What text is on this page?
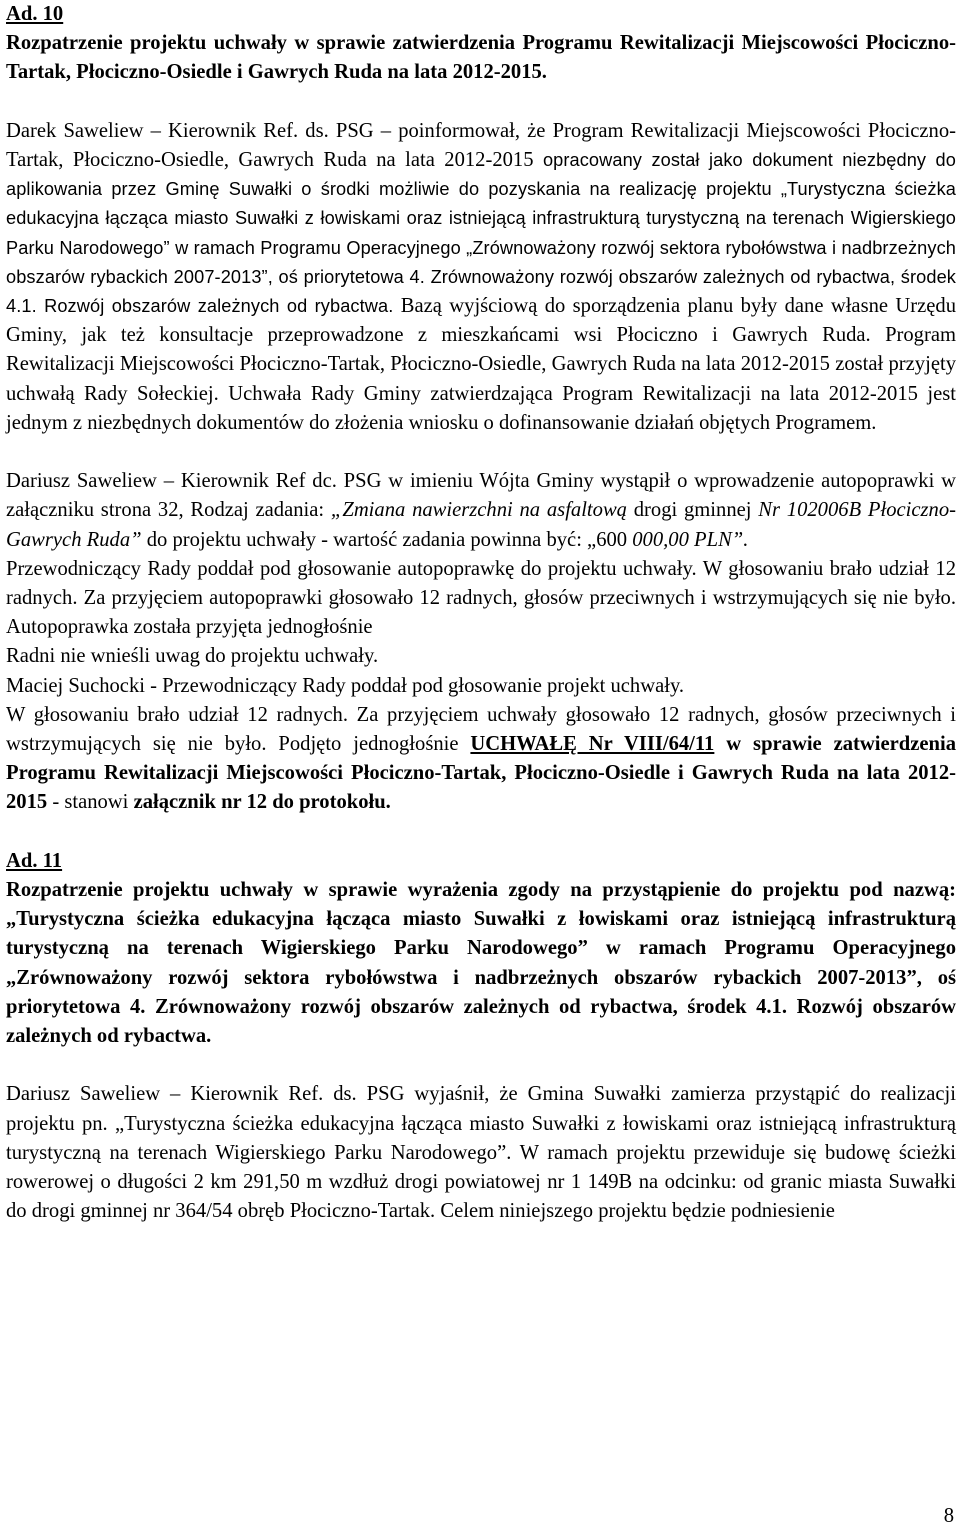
Ad. 10

Rozpatrzenie projektu uchwały w sprawie zatwierdzenia Programu Rewitalizacji Miejscowości Płociczno-Tartak, Płociczno-Osiedle i Gawrych Ruda na lata 2012-2015.

Darek Saweliew – Kierownik Ref. ds. PSG – poinformował, że Program Rewitalizacji Miejscowości Płociczno-Tartak, Płociczno-Osiedle, Gawrych Ruda na lata 2012-2015 opracowany został jako dokument niezbędny do aplikowania przez Gminę Suwałki o środki możliwie do pozyskania na realizację projektu „Turystyczna ścieżka edukacyjna łącząca miasto Suwałki z łowiskami oraz istniejącą infrastrukturą turystyczną na terenach Wigierskiego Parku Narodowego” w ramach Programu Operacyjnego „Zrównoważony rozwój sektora rybołówstwa i nadbrzeżnych obszarów rybackich 2007-2013”, oś priorytetowa 4. Zrównoważony rozwój obszarów zależnych od rybactwa, środek 4.1. Rozwój obszarów zależnych od rybactwa. Bazą wyjściową do sporządzenia planu były dane własne Urzędu Gminy, jak też konsultacje przeprowadzone z mieszkańcami wsi Płociczno i Gawrych Ruda. Program Rewitalizacji Miejscowości Płociczno-Tartak, Płociczno-Osiedle, Gawrych Ruda na lata 2012-2015 został przyjęty uchwałą Rady Sołeckiej. Uchwała Rady Gminy zatwierdzająca Program Rewitalizacji na lata 2012-2015 jest jednym z niezbędnych dokumentów do złożenia wniosku o dofinansowanie działań objętych Programem.

Dariusz Saweliew – Kierownik Ref dc. PSG w imieniu Wójta Gminy wystąpił o wprowadzenie autopoprawki w załączniku strona 32, Rodzaj zadania: „Zmiana nawierzchni na asfaltową drogi gminnej Nr 102006B Płociczno-Gawrych Ruda” do projektu uchwały - wartość zadania powinna być: „600 000,00 PLN”.

Przewodniczący Rady poddał pod głosowanie autopoprawkę do projektu uchwały. W głosowaniu brało udział 12 radnych. Za przyjęciem autopoprawki głosowało 12 radnych, głosów przeciwnych i wstrzymujących się nie było. Autopoprawka została przyjęta jednogłośnie

Radni nie wnieśli uwag do projektu uchwały.

Maciej Suchocki - Przewodniczący Rady poddał pod głosowanie projekt uchwały.

W głosowaniu brało udział 12 radnych. Za przyjęciem uchwały głosowało 12 radnych, głosów przeciwnych i wstrzymujących się nie było. Podjęto jednogłośnie UCHWAŁĘ Nr VIII/64/11 w sprawie zatwierdzenia Programu Rewitalizacji Miejscowości Płociczno-Tartak, Płociczno-Osiedle i Gawrych Ruda na lata 2012-2015 - stanowi załącznik nr 12 do protokołu.

Ad. 11

Rozpatrzenie projektu uchwały w sprawie wyrażenia zgody na przystąpienie do projektu pod nazwą: „Turystyczna ścieżka edukacyjna łącząca miasto Suwałki z łowiskami oraz istniejącą infrastrukturą turystyczną na terenach Wigierskiego Parku Narodowego” w ramach Programu Operacyjnego „Zrównoważony rozwój sektora rybołówstwa i nadbrzeżnych obszarów rybackich 2007-2013”, oś priorytetowa 4. Zrównoważony rozwój obszarów zależnych od rybactwa, środek 4.1. Rozwój obszarów zależnych od rybactwa.

Dariusz Saweliew – Kierownik Ref. ds. PSG wyjaśnił, że Gmina Suwałki zamierza przystąpić do realizacji projektu pn. „Turystyczna ścieżka edukacyjna łącząca miasto Suwałki z łowiskami oraz istniejącą infrastrukturą turystyczną na terenach Wigierskiego Parku Narodowego”. W ramach projektu przewiduje się budowę ścieżki rowerowej o długości 2 km 291,50 m wzdłuż drogi powiatowej nr 1 149B na odcinku: od granic miasta Suwałki do drogi gminnej nr 364/54 obręb Płociczno-Tartak. Celem niniejszego projektu będzie podniesienie

8
